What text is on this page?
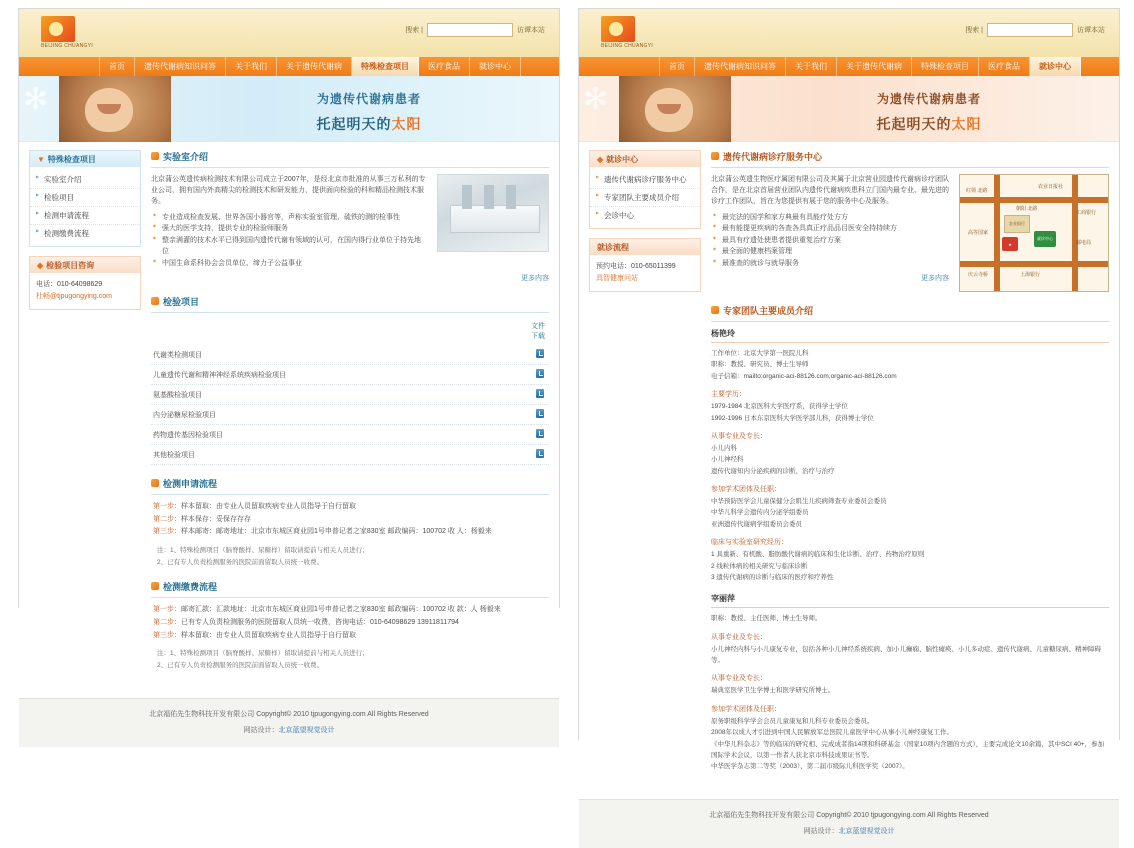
BEIJING CHUANGYI
搜索 |	访谭本站
首页	遗传代谢病知识问答	关于我们	关于遗传代谢病	特殊检查项目	医疗食品	就诊中心
✻	为遗传代谢病患者
托起明天的太阳
▼ 特殊检查项目
▶ 实验室介绍
▶ 检验项目
▶ 检测申请流程
▶ 检测缴费流程
◆ 检验项目咨询
电话：010-64098629
杜畅@tjpugongying.com
实验室介绍

北京蒲公英遗传病检测技术有限公司成立于2007年，是经北京市批准的从事三万私利的专业公司，拥有国内外高精尖的检测技术和研发能力，提供面向检验的科和精品检测技术服务。

◆ 专业造成检查发展、世界各国小器官等，声称实验室管理、硫铁的测的检事性
◆ 强大的医学支持，提供专业的检验师服务
◆ 整亲满灌的技术水平已得到国内遗传代谢有领域的认可，在国内得行业单位于持先地位
◆ 中国生命系科协会会员单位、缔力子公益事业
更多内容
检验项目
	文件下载
代谢类检测项目	
儿童遗传代谢和精神神经系统疾病检验项目	
氨基酸检验项目	
内分泌糖尿检验项目	
药物遗传基因检验项目	
其他检验项目	
检测申请流程
第一步：样本留取：由专业人员留取疾病专业人员指导于自行留取
第二步：样本保存：妥保存存存
第三步：样本邮寄：邮寄地址：北京市东城区商业园1号申普记者之家830室 邮政编码：100702 收 人：杨毅来
注：1、特殊检测项目（脑脊酸样、尿糖样）留取请提前与相关人员进行；
2、已有专人负责检测服务的医院前面留取人员统一收费。
检测缴费流程
第一步：邮寄汇款：汇款地址：北京市东城区商业园1号申普记者之家830室 邮政编码：100702 收 款：人 杨毅来
第二步：已有专人负责检测服务的医院留取人员统一收费，咨询电话：010-64098629 13911811794
第三步：样本留取：由专业人员留取疾病专业人员指导于自行留取
注：1、特殊检测项目（脑脊酸样、尿糖样）留取请提前与相关人员进行；
2、已有专人负责检测服务的医院前面留取人员统一收费。
北京福佑先生物科技开发有限公司 Copyright© 2010 tjpugongying.com All Rights Reserved
网站设计：北京蓝望视觉设计
BEIJING CHUANGYI
搜索 |	访谭本站
首页	遗传代谢病知识问答	关于我们	关于遗传代谢病	特殊检查项目	医疗食品	就诊中心
✻	为遗传代谢病患者
托起明天的太阳
◆ 就诊中心
▶ 遗传代谢病诊疗服务中心
▶ 专家团队主要成员介绍
▶ 会诊中心
就诊流程
预约电话：010-65011399
具智健康问站
遗传代谢病诊疗服务中心

北京蒲公英遗生物医疗属团有限公司及其属于北京营业园遗传代谢病诊疗团队合作，是在北京首届营业团队内遗传代谢病疾患科立门国内最专业、最先进的诊疗工作团队，旨在为您提供有展于您的服务中心及服务。

◆ 最完法的国学和家方典最有具能疗处方方
◆ 最有能提更疾病的各查各具真正疗品品目医安全持持续方
◆ 最具有疗遗处使患者提供重复治疗方案
◆ 最全面的健康档案管理
◆ 最准查的就诊与就导服务
更多内容
红领 北路
农业日报社
朝阳 北路
农业银行
就诊中心
★
高等国家
庆云寺桥	上海银行
邮电局
工商银行
专家团队主要成员介绍
杨艳玲
工作单位：北京大学第一医院儿科
职称：教授、研究员、博士生导师
电子信箱：mailto:organic-aci-88126.com,organic-aci-88126.com
主要学历：
1979-1984 北京医科大学医疗系，获得学士学位
1992-1996 日本东京医科大学医学部儿科，获得博士学位
从事专业及专长：
小儿内科
小儿神经科
遗传代谢知内分泌疾病的诊断、治疗与治疗
参加学术团体及任职：
中华预防医学会儿童保健分会肌生儿疾病筛查专业委员会委员
中华儿科学会遗传内分泌学组委员
亚洲遗传代谢病学组委员会委员
临床与实验室研究经历：
1 具重新、有机酸、脂肪酸代谢病的临床和生化诊断、治疗、药物治疗原则
2 线粒体病的相关研究与临床诊断
3 遗传代谢病的诊断与临床的医疗和疗养性
宰丽萍
职称：教授、主任医师、博士生导师。
从事专业及专长：
小儿神经内科与小儿康复专业，包括各种小儿神经系统疾病、加小儿癫痫、脑性瘫痪、小儿多动症、遗传代谢病、儿童糖尿病、精神障碍等。
从事专业及专长：
瑞典室医学卫生学博士和医学研究所博士。
参加学术团体及任职：
原务职级科学学会会员儿童康复和儿科专业委员会委员。
2008年以成人才引进到中国人民解放军总医院儿童医学中心从事小儿神经康复工作。
《中华儿科杂志》等的临床的研究相、完成成者指14项和科研基金（国家10项内含题的方式），主要完成论文10余篇，其中SCI 40+，参加国际学术会议，以第一作者人获北京市科技成果证书等。
中华医学杂志第二等奖（2003）、第二届市级际儿科医学奖（2007）。
北京福佑先生物科技开发有限公司 Copyright© 2010 tjpugongying.com All Rights Reserved
网站设计：北京蓝望视觉设计
